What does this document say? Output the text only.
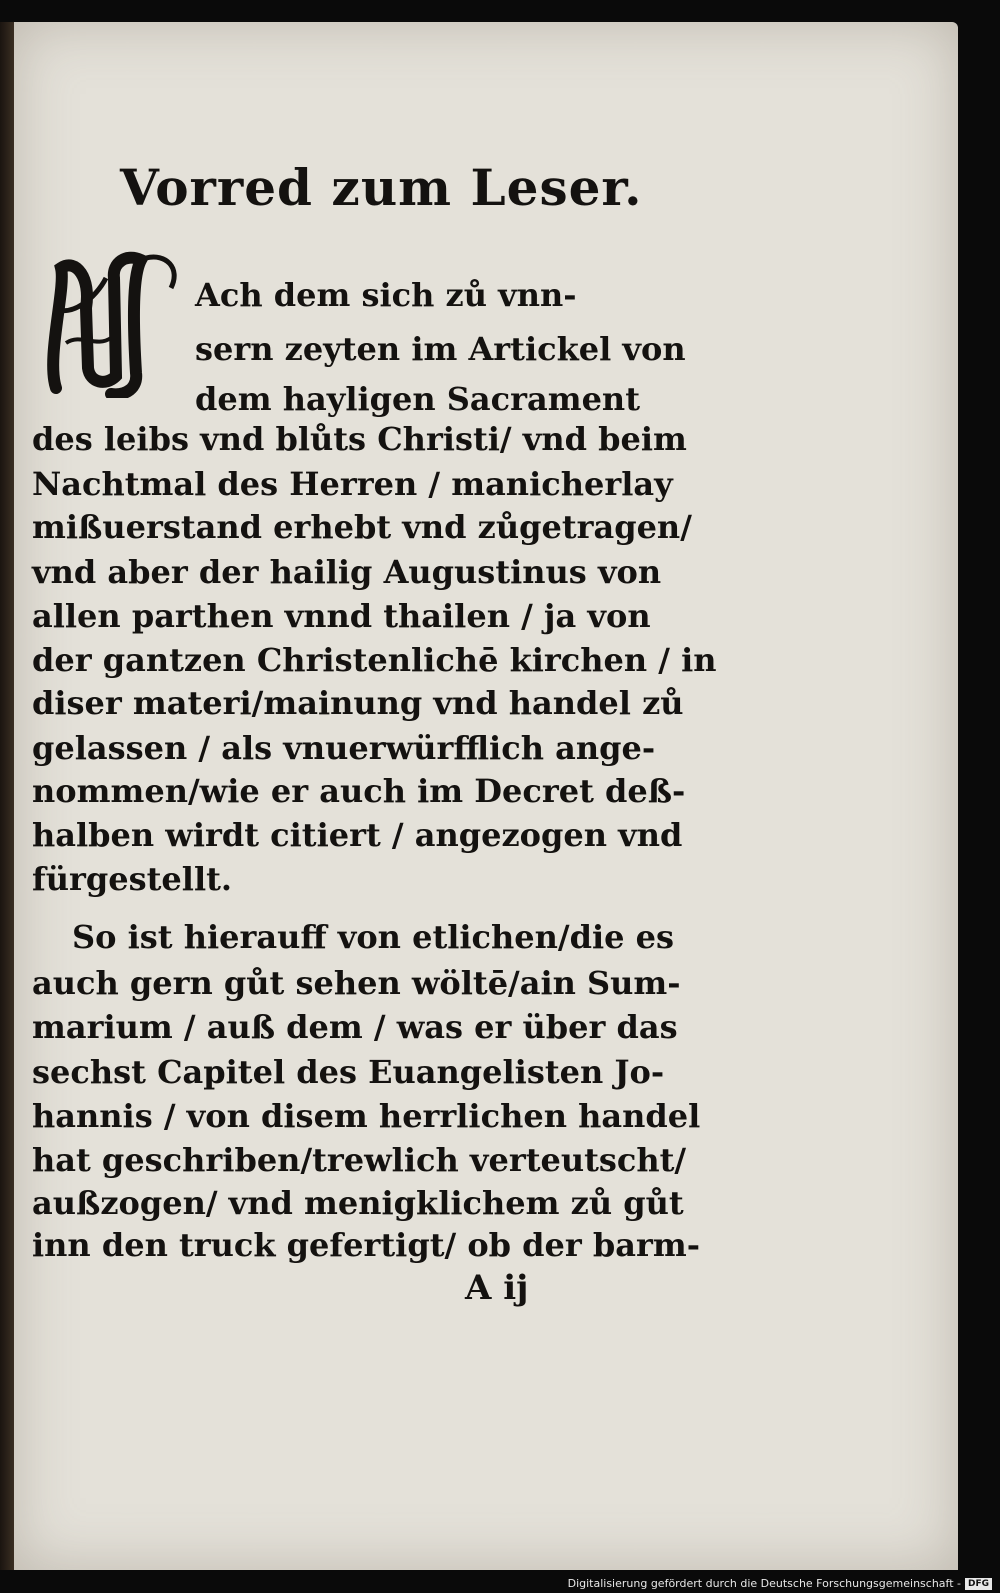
Vorred zum Leser.
Ach dem sich zů vnn-
sern zeyten im Artickel von
dem hayligen Sacrament
des leibs vnd blůts Christi/ vnd beim
Nachtmal des Herren / manicherlay
mißuerstand erhebt vnd zůgetragen/
vnd aber der hailig Augustinus von
allen parthen vnnd thailen / ja von
der gantzen Christenlichē kirchen / in
diser materi/mainung vnd handel zů
gelassen / als vnuerwürfflich ange-
nommen/wie er auch im Decret deß-
halben wirdt citiert / angezogen vnd
fürgestellt.
So ist hierauff von etlichen/die es
auch gern gůt sehen wöltē/ain Sum-
marium / auß dem / was er über das
sechst Capitel des Euangelisten Jo-
hannis / von disem herrlichen handel
hat geschriben/trewlich verteutscht/
außzogen/ vnd menigklichem zů gůt
inn den truck gefertigt/ ob der barm-
A ij
Digitalisierung gefördert durch die Deutsche Forschungsgemeinschaft - DFG
